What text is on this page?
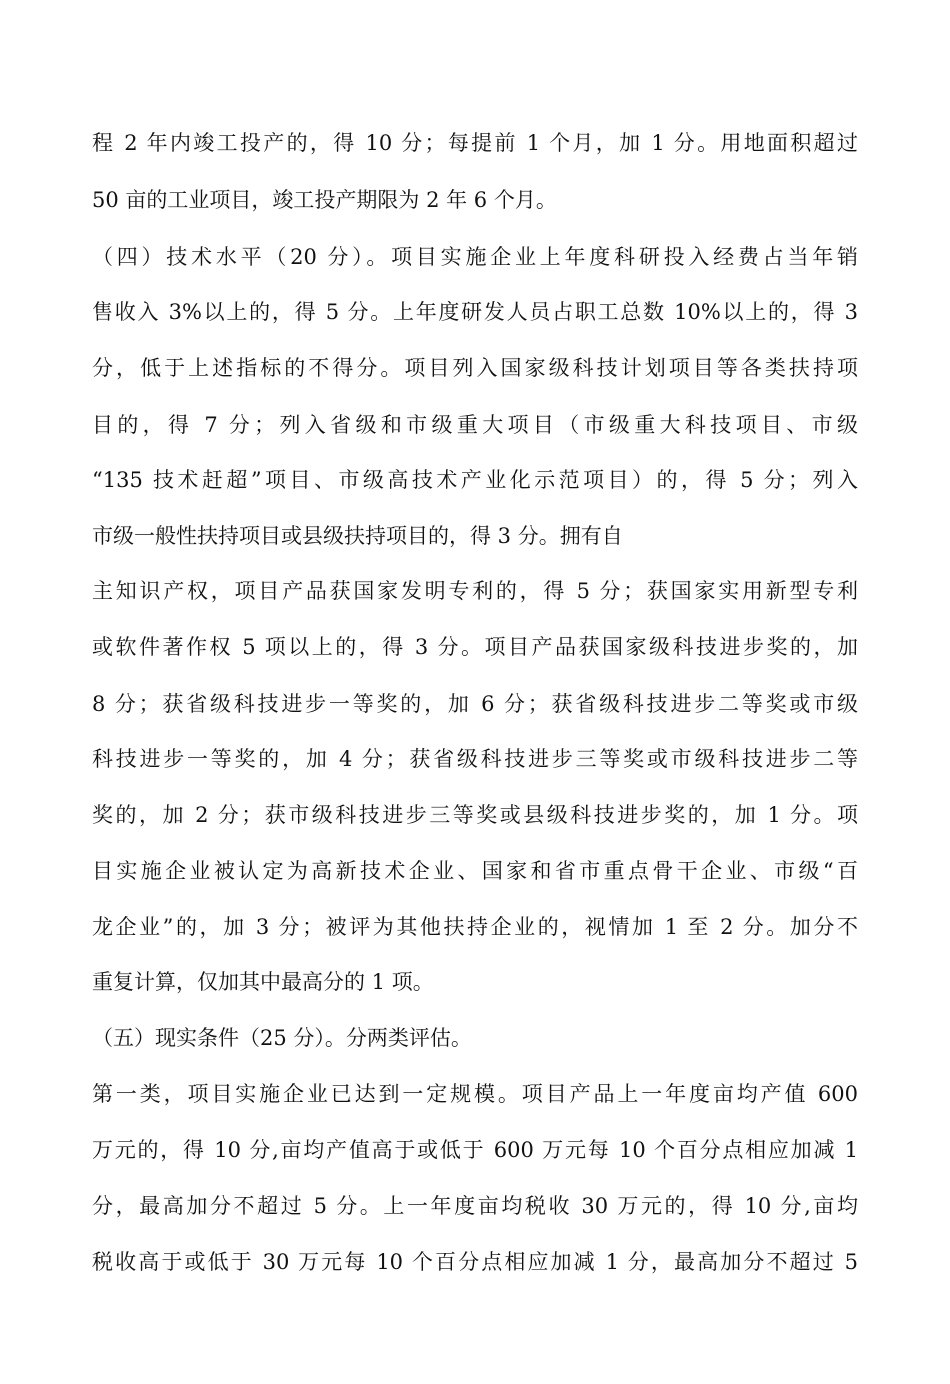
程 2 年内竣工投产的，得 10 分；每提前 1 个月，加 1 分。用地面积超过
50 亩的工业项目，竣工投产期限为 2 年 6 个月。
（四）技术水平（20 分）。项目实施企业上年度科研投入经费占当年销
售收入 3%以上的，得 5 分。上年度研发人员占职工总数 10%以上的，得 3
分，低于上述指标的不得分。项目列入国家级科技计划项目等各类扶持项
目的，得 7 分；列入省级和市级重大项目（市级重大科技项目、市级
“135 技术赶超”项目、市级高技术产业化示范项目）的，得 5 分；列入
市级一般性扶持项目或县级扶持项目的，得 3 分。拥有自
主知识产权，项目产品获国家发明专利的，得 5 分；获国家实用新型专利
或软件著作权 5 项以上的，得 3 分。项目产品获国家级科技进步奖的，加
8 分；获省级科技进步一等奖的，加 6 分；获省级科技进步二等奖或市级
科技进步一等奖的，加 4 分；获省级科技进步三等奖或市级科技进步二等
奖的，加 2 分；获市级科技进步三等奖或县级科技进步奖的，加 1 分。项
目实施企业被认定为高新技术企业、国家和省市重点骨干企业、市级“百
龙企业”的，加 3 分；被评为其他扶持企业的，视情加 1 至 2 分。加分不
重复计算，仅加其中最高分的 1 项。
（五）现实条件（25 分）。分两类评估。
第一类，项目实施企业已达到一定规模。项目产品上一年度亩均产值 600
万元的，得 10 分,亩均产值高于或低于 600 万元每 10 个百分点相应加减 1
分，最高加分不超过 5 分。上一年度亩均税收 30 万元的，得 10 分,亩均
税收高于或低于 30 万元每 10 个百分点相应加减 1 分，最高加分不超过 5
